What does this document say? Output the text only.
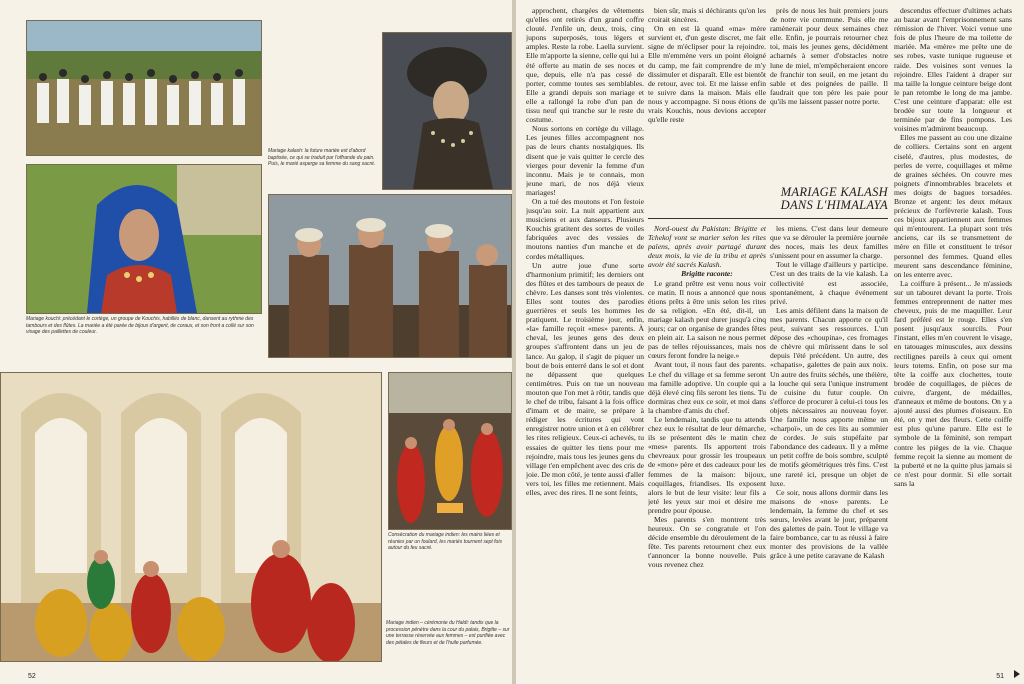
Mariage kouchi: précédant le cortège, un groupe de Kouchis, habillés de blanc, dansent au rythme des tambours et des flûtes. La mariée a été parée de bijoux d'argent, de coraux, et son front a collé sur son visage des paillettes de couleur.
Mariage kalash: la future mariée est d'abord baptisée, ce qui se traduit par l'offrande du pain. Puis, le marié asperge sa femme du sang sacré.
Consécration du mariage indien: les mains liées et réunies par un foulard, les mariés tournent sept fois autour du feu sacré.
Mariage indien – cérémonie du Haldi: tandis que la procession pénètre dans la cour du palais, Brigitte – sur une terrasse réservée aux femmes – est purifiée avec des pétales de fleurs et de l'huile parfumée.
52

approchent, chargées de vêtements qu'elles ont retirés d'un grand coffre clouté. J'enfile un, deux, trois, cinq jupons superposés, tous légers et amples. Reste la robe. Laella survient. Elle m'apporte la sienne, celle qui lui a été offerte au matin de ses noces et que, depuis, elle n'a pas cessé de porter, comme toutes ses semblables. Elle a grandi depuis son mariage et elle a rallongé la robe d'un pan de tissu neuf qui tranche sur le reste du costume.

Nous sortons en cortège du village. Les jeunes filles accompagnent nos pas de leurs chants nostalgiques. Ils disent que je vais quitter le cercle des vierges pour devenir la femme d'un inconnu. Mais je te connais, mon jeune mari, de nos déjà vieux mariages!

On a tué des moutons et l'on festoie jusqu'au soir. La nuit appartient aux musiciens et aux danseurs. Plusieurs Kouchis gratitent des sortes de voiles fabriquées avec des vessies de moutons nanties d'un manche et de cordes métalliques.

Un autre joue d'une sorte d'harmonium primitif; les derniers ont des flûtes et des tambours de peaux de chèvre. Les danses sont très violentes. Elles sont toutes des parodies guerrières et seuls les hommes les pratiquent. Le troisième jour, enfin, «la» famille reçoit «mes» parents. À cheval, les jeunes gens des deux groupes s'affrontent dans un jeu de lance. Au galop, il s'agit de piquer un bout de bois enterré dans le sol et dont ne dépassent que quelques centimètres. Puis on tue un nouveau mouton que l'on met à rôtir, tandis que le chef de tribu, faisant à la fois office d'imam et de maire, se prépare à rédiger les écritures qui vont enregistrer notre union et à en célébrer les rites religieux. Ceux-ci achevés, tu essaies de quitter les tiens pour me rejoindre, mais tous les jeunes gens du village t'en empêchent avec des cris de joie. De mon côté, je tente aussi d'aller vers toi, les filles me retiennent. Mais elles, avec des rires. Il ne sont feints,

bien sûr, mais si déchirants qu'on les croirait sincères.

On en est là quand «ma» mère survient et, d'un geste discret, me fait signe de m'éclipser pour la rejoindre. Elle m'emmène vers un point éloigné du camp, me fait comprendre de m'y dissimuler et disparaît. Elle est bientôt de retour, avec toi. Et me laisse enfin te suivre dans la maison. Mais elle nous y accompagne. Si nous étions de vrais Kouchis, nous devions accepter qu'elle reste

près de nous les huit premiers jours de notre vie commune. Puis elle me ramènerait pour deux semaines chez elle. Enfin, je pourrais retourner chez toi, mais les jeunes gens, décidément acharnés à semer d'obstacles notre lune de miel, m'empêcheraient encore de franchir ton seuil, en me jetant du sable et des poignées de paille. Il faudrait que ton père les paie pour qu'ils me laissent passer notre porte.

MARIAGE KALASH
DANS L'HIMALAYA

Nord-ouest du Pakistan: Brigitte et Tchekof vont se marier selon les rites païens, après avoir partagé durant deux mois, la vie de la tribu et après avoir été sacrés Kalash.

Brigitte raconte:

Le grand prêtre est venu nous voir ce matin. Il nous a annoncé que nous étions prêts à être unis selon les rites de sa religion. «En été, dit-il, un mariage kalash peut durer jusqu'à cinq jours; car on organise de grandes fêtes en plein air. La saison ne nous permet pas de telles réjouissances, mais nos cœurs feront fondre la neige.»

Avant tout, il nous faut des parents. Le chef du village et sa femme seront ma famille adoptive. Un couple qui a déjà élevé cinq fils seront les tiens. Tu dormiras chez eux ce soir, et moi dans la chambre d'amis du chef.

Le lendemain, tandis que tu attends chez eux le résultat de leur démarche, ils se présentent dès le matin chez «mes» parents. Ils apportent trois chevreaux pour grossir les troupeaux de «mon» père et des cadeaux pour les femmes de la maison: bijoux, coquillages, friandises. Ils exposent alors le but de leur visite: leur fils a jeté les yeux sur moi et désire me prendre pour épouse.

Mes parents s'en montrent très heureux. On se congratule et l'on décide ensemble du déroulement de la fête. Tes parents retournent chez eux t'annoncer la bonne nouvelle. Puis vous revenez chez

les miens. C'est dans leur demeure que va se dérouler la première journée des noces, mais les deux familles s'unissent pour en assumer la charge.

Tout le village d'ailleurs y participe. C'est un des traits de la vie kalash. La collectivité est associée, spontanément, à chaque événement privé.

Les amis défilent dans la maison de mes parents. Chacun apporte ce qu'il peut, suivant ses ressources. L'un dépose des «choupina», ces fromages de chèvre qui mûrissent dans le sol depuis l'été précédent. Un autre, des «chapatis», galettes de pain aux noix. Un autre des fruits séchés, une théière, la louche qui sera l'unique instrument de cuisine du futur couple. On s'efforce de procurer à celui-ci tous les objets nécessaires au nouveau foyer. Une famille nous apporte même un «charpoï», un de ces lits au sommier de cordes. Je suis stupéfaite par l'abondance des cadeaux. Il y a même un petit coffre de bois sombre, sculpté de motifs géométriques très fins. C'est une rareté ici, presque un objet de luxe.

Ce soir, nous allons dormir dans les maisons de «nos» parents. Le lendemain, la femme du chef et ses sœurs, levées avant le jour, préparent des galettes de pain. Tout le village va faire bombance, car tu as réussi à faire monter des provisions de la vallée grâce à une petite caravane de Kalash

descendus effectuer d'ultimes achats au bazar avant l'emprisonnement sans rémission de l'hiver. Voici venue une fois de plus l'heure de ma toilette de mariée. Ma «mère» me prête une de ses robes, vaste tunique rugueuse et raide. Des voisines sont venues la rejoindre. Elles l'aident à draper sur ma taille la longue ceinture beige dont le pan retombe le long de ma jambe. C'est une ceinture d'apparat: elle est brodée sur toute la longueur et terminée par de fins pompons. Les voisines m'admirent beaucoup.

Elles me passent au cou une dizaine de colliers. Certains sont en argent ciselé, d'autres, plus modestes, de perles de verre, coquillages et même de graines séchées. On couvre mes poignets d'innombrables bracelets et mes doigts de bagues torsadées. Bronze et argent: les deux métaux précieux de l'orfèvrerie kalash. Tous ces bijoux appartiennent aux femmes qui m'entourent. La plupart sont très anciens, car ils se transmettent de mère en fille et constituent le trésor personnel des femmes. Quand elles meurent sans descendance féminine, on les enterre avec.

La coiffure à présent... Je m'assieds sur un tabouret devant la porte. Trois femmes entreprennent de natter mes cheveux, puis de me maquiller. Leur fard préféré est le rouge. Elles s'en posent jusqu'aux sourcils. Pour l'instant, elles m'en couvrent le visage, en tatouages minuscules, aux dessins rectilignes pareils à ceux qui ornent leurs totems. Enfin, on pose sur ma tête la coiffe aux clochettes, toute brodée de coquillages, de pièces de cuivre, d'argent, de médailles, d'anneaux et même de boutons. On y a ajouté aussi des plumes d'oiseaux. En été, on y met des fleurs. Cette coiffe est plus qu'une parure. Elle est le symbole de la féminité, son rempart contre les pièges de la vie. Chaque femme reçoit la sienne au moment de la puberté et ne la quitte plus jamais si ce n'est pour dormir. Si elle sortait sans la

51
